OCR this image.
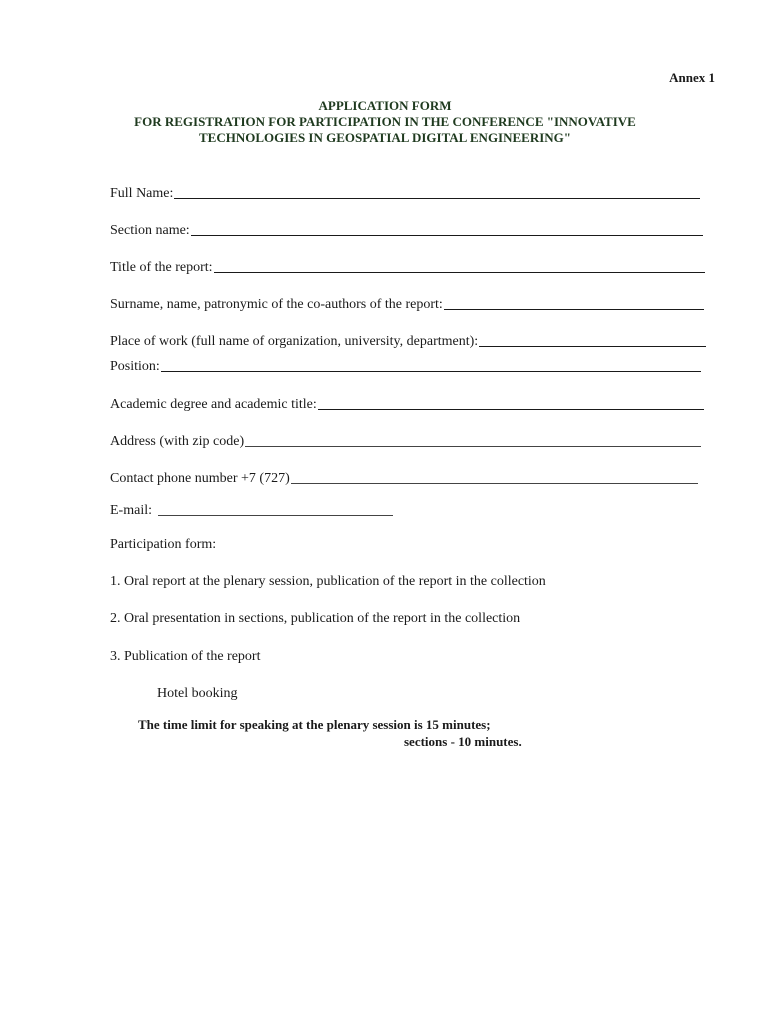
Annex 1
APPLICATION FORM
FOR REGISTRATION FOR PARTICIPATION IN THE CONFERENCE "INNOVATIVE
TECHNOLOGIES IN GEOSPATIAL DIGITAL ENGINEERING"
Full Name:
Section name:
Title of the report:
Surname, name, patronymic of the co-authors of the report:
Place of work (full name of organization, university, department):
Position:
Academic degree and academic title:
Address (with zip code)
Contact phone number +7 (727)
E-mail:
Participation form:
1. Oral report at the plenary session, publication of the report in the collection
2. Oral presentation in sections, publication of the report in the collection
3. Publication of the report
Hotel booking
The time limit for speaking at the plenary session is 15 minutes;
sections - 10 minutes.
